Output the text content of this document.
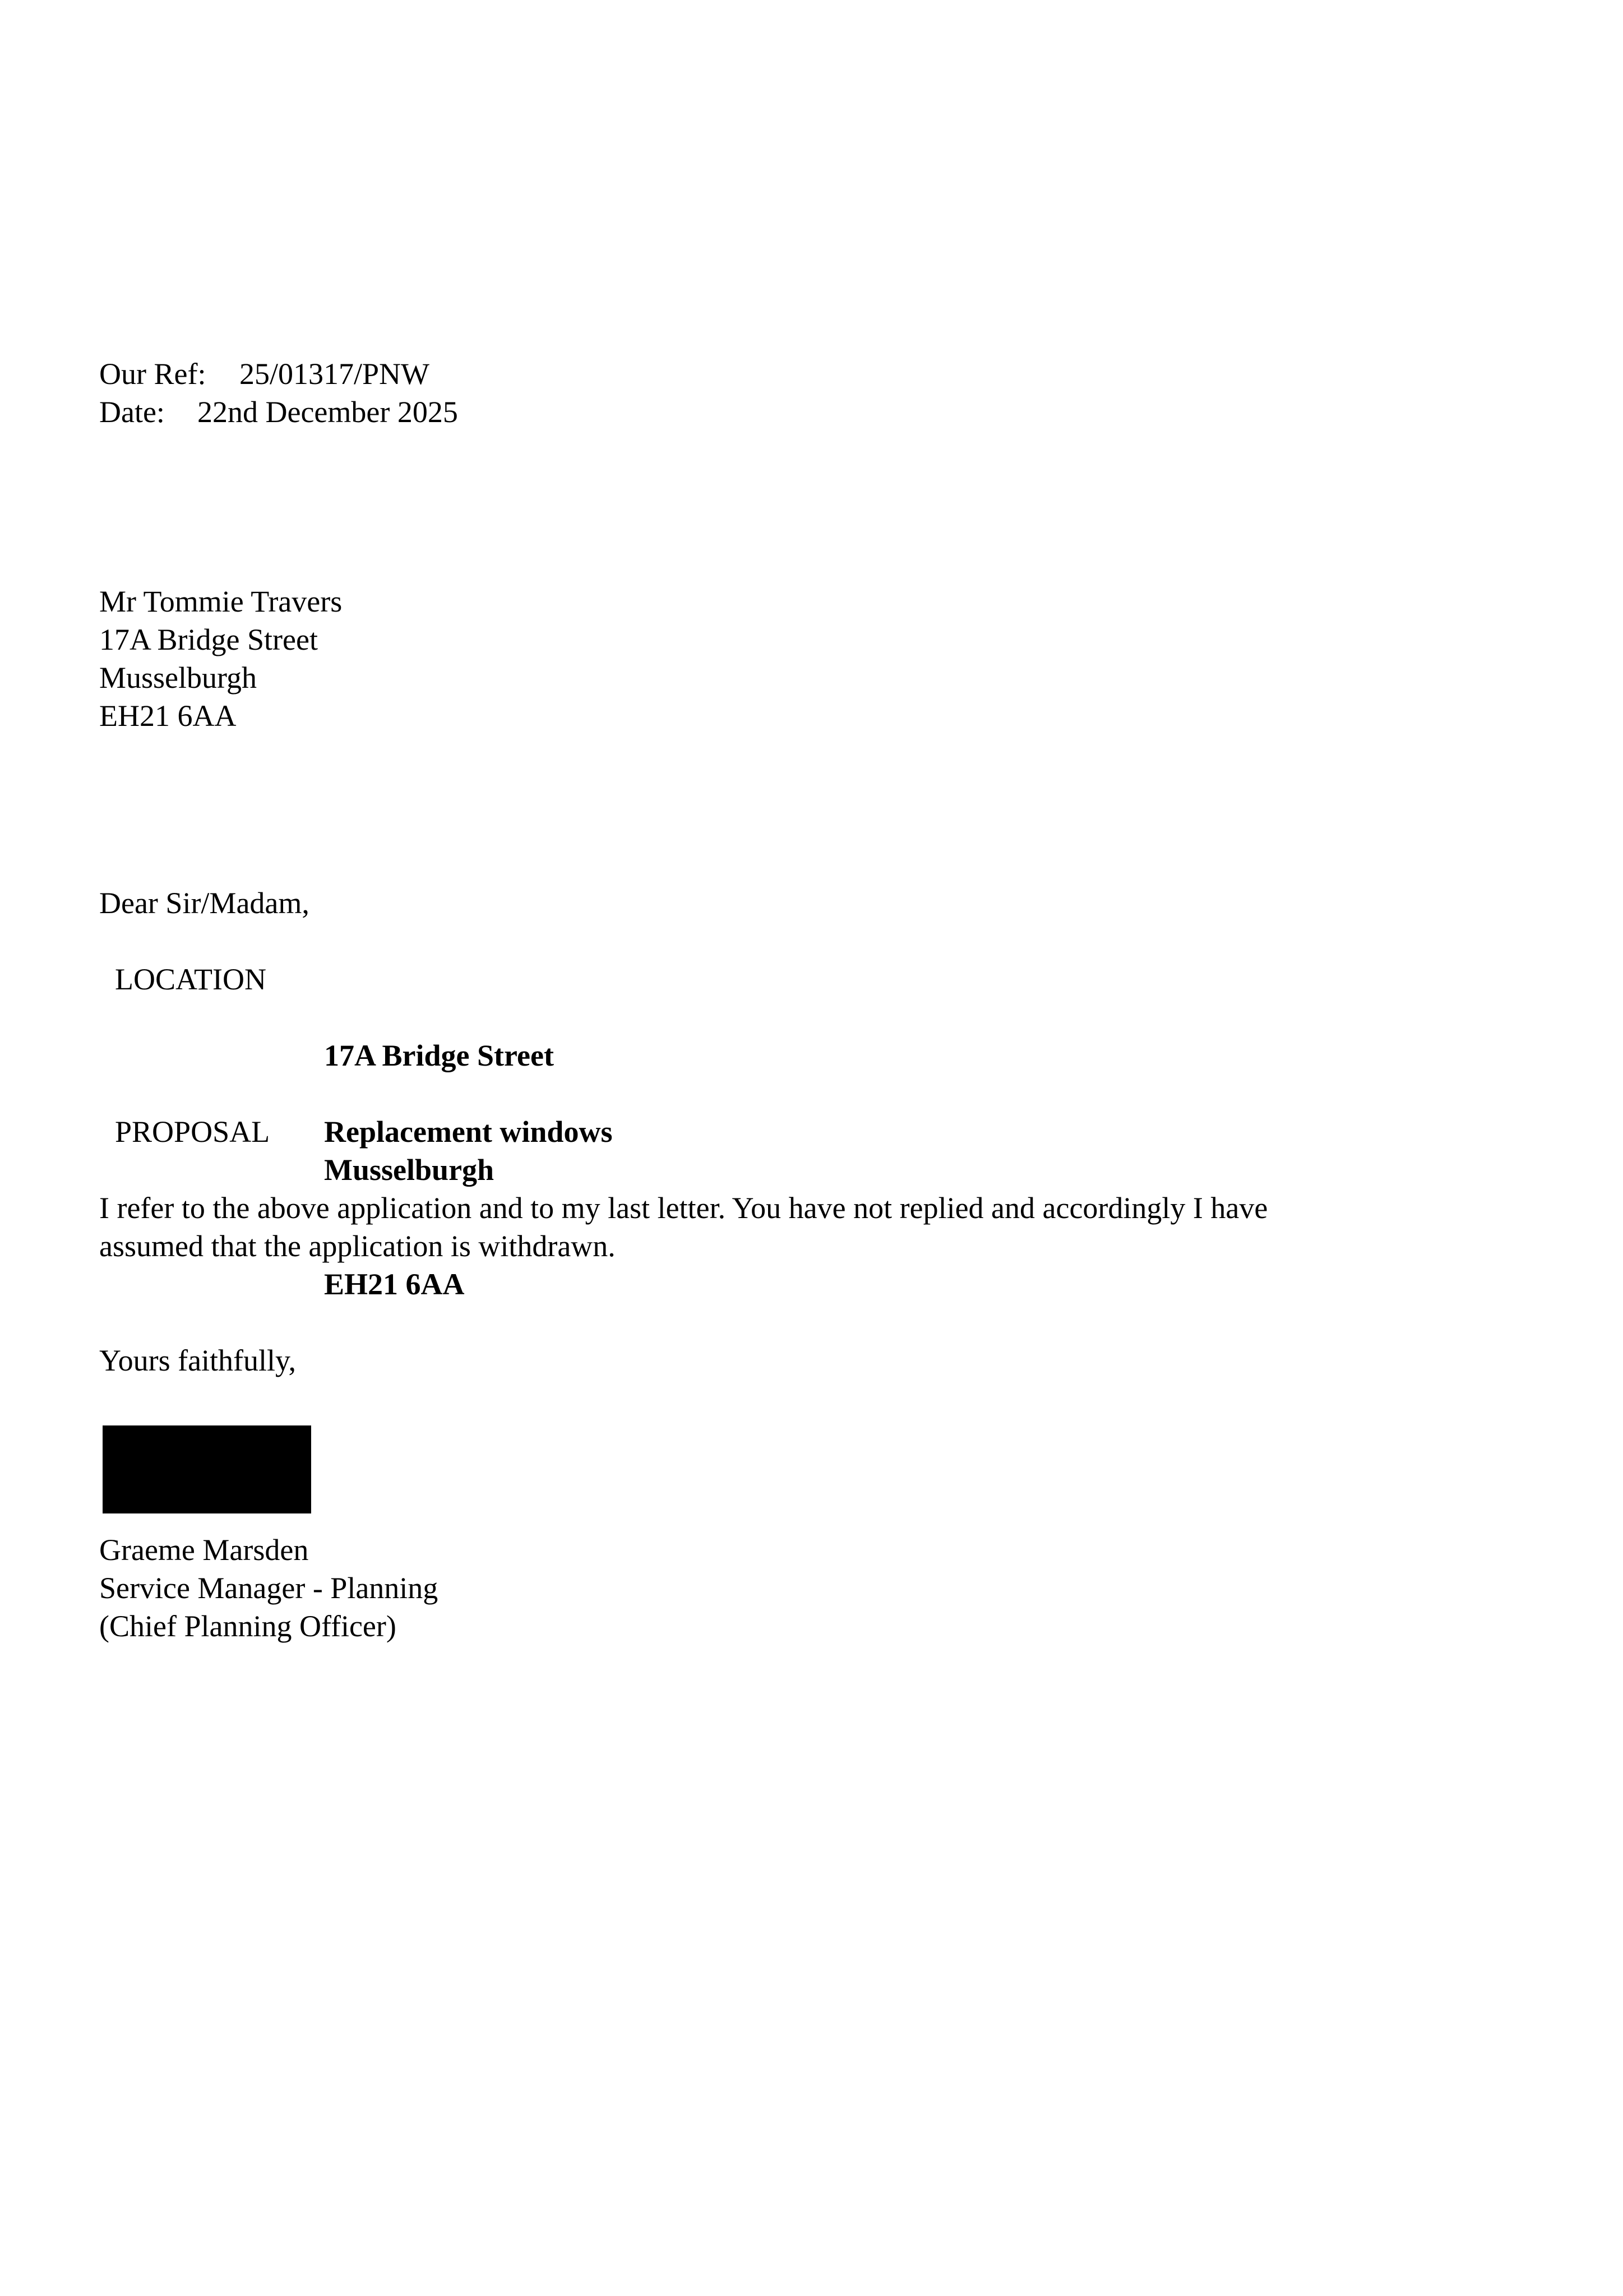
Our Ref: 25/01317/PNW
Date: 22nd December 2025
Mr Tommie Travers
17A Bridge Street
Musselburgh
EH21 6AA
Dear Sir/Madam,
LOCATION

17A Bridge Street

Musselburgh

EH21 6AA

PROPOSAL Replacement windows
I refer to the above application and to my last letter. You have not replied and accordingly I have
assumed that the application is withdrawn.
Yours faithfully,
Graeme Marsden
Service Manager - Planning
(Chief Planning Officer)
